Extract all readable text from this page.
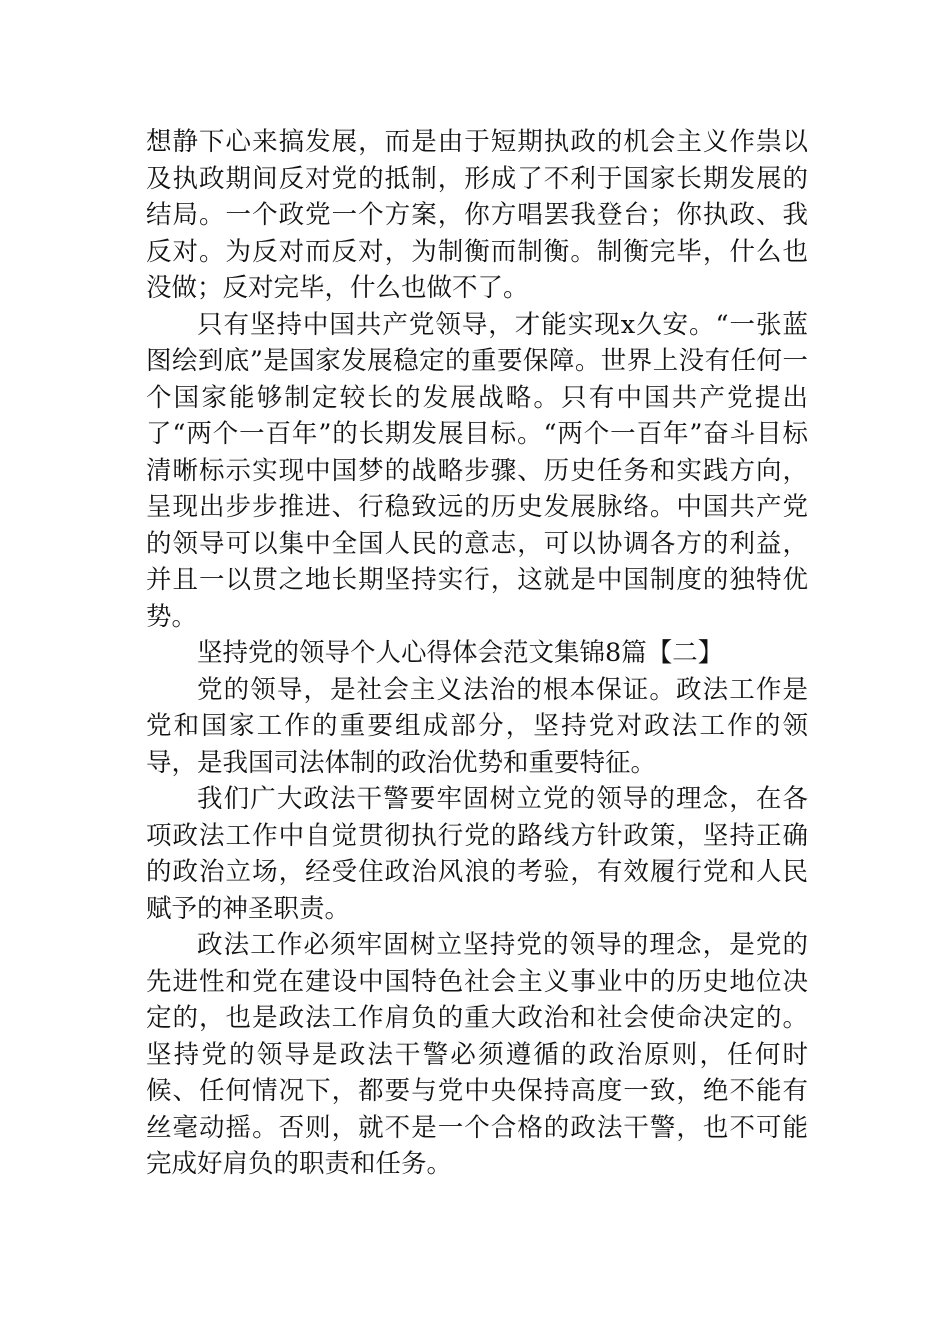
想静下心来搞发展，而是由于短期执政的机会主义作祟以及执政期间反对党的抵制，形成了不利于国家长期发展的结局。一个政党一个方案，你方唱罢我登台；你执政、我反对。为反对而反对，为制衡而制衡。制衡完毕，什么也没做；反对完毕，什么也做不了。

只有坚持中国共产党领导，才能实现x久安。“一张蓝图绘到底”是国家发展稳定的重要保障。世界上没有任何一个国家能够制定较长的发展战略。只有中国共产党提出了“两个一百年”的长期发展目标。“两个一百年”奋斗目标清晰标示实现中国梦的战略步骤、历史任务和实践方向，呈现出步步推进、行稳致远的历史发展脉络。中国共产党的领导可以集中全国人民的意志，可以协调各方的利益，并且一以贯之地长期坚持实行，这就是中国制度的独特优势。

坚持党的领导个人心得体会范文集锦8篇【二】

党的领导，是社会主义法治的根本保证。政法工作是党和国家工作的重要组成部分，坚持党对政法工作的领导，是我国司法体制的政治优势和重要特征。

我们广大政法干警要牢固树立党的领导的理念，在各项政法工作中自觉贯彻执行党的路线方针政策，坚持正确的政治立场，经受住政治风浪的考验，有效履行党和人民赋予的神圣职责。

政法工作必须牢固树立坚持党的领导的理念，是党的先进性和党在建设中国特色社会主义事业中的历史地位决定的，也是政法工作肩负的重大政治和社会使命决定的。坚持党的领导是政法干警必须遵循的政治原则，任何时候、任何情况下，都要与党中央保持高度一致，绝不能有丝毫动摇。否则，就不是一个合格的政法干警，也不可能完成好肩负的职责和任务。
